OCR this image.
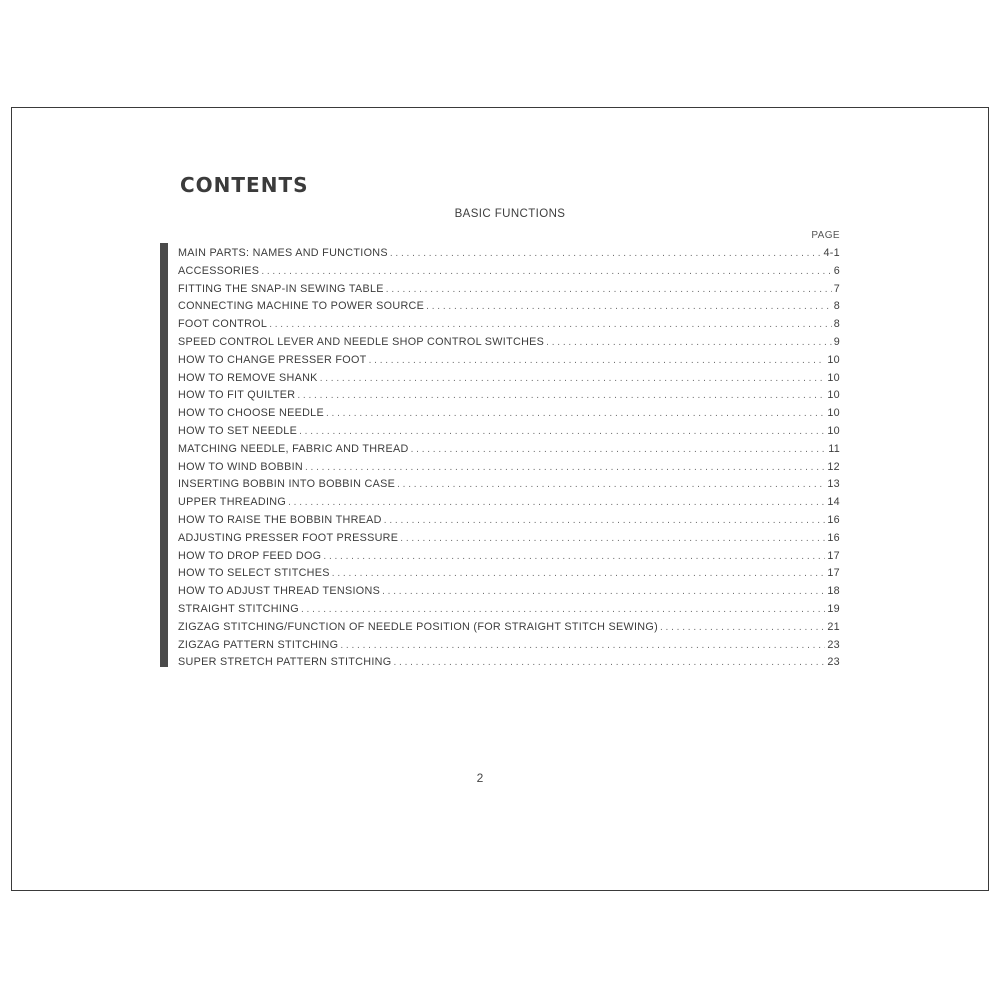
CONTENTS
BASIC FUNCTIONS
PAGE
MAIN PARTS: NAMES AND FUNCTIONS . . .	4-1
ACCESSORIES . . .	6
FITTING THE SNAP-IN SEWING TABLE . . .	7
CONNECTING MACHINE TO POWER SOURCE . . .	8
FOOT CONTROL . . .	8
SPEED CONTROL LEVER AND NEEDLE SHOP CONTROL SWITCHES . . .	9
HOW TO CHANGE PRESSER FOOT . . .	10
HOW TO REMOVE SHANK . . .	10
HOW TO FIT QUILTER . . .	10
HOW TO CHOOSE NEEDLE . . .	10
HOW TO SET NEEDLE . . .	10
MATCHING NEEDLE, FABRIC AND THREAD . . .	11
HOW TO WIND BOBBIN . . .	12
INSERTING BOBBIN INTO BOBBIN CASE . . .	13
UPPER THREADING . . .	14
HOW TO RAISE THE BOBBIN THREAD . . .	16
ADJUSTING PRESSER FOOT PRESSURE . . .	16
HOW TO DROP FEED DOG . . .	17
HOW TO SELECT STITCHES . . .	17
HOW TO ADJUST THREAD TENSIONS . . .	18
STRAIGHT STITCHING . . .	19
ZIGZAG STITCHING/FUNCTION OF NEEDLE POSITION (FOR STRAIGHT STITCH SEWING) . . .	21
ZIGZAG PATTERN STITCHING . . .	23
SUPER STRETCH PATTERN STITCHING . . .	23
2
